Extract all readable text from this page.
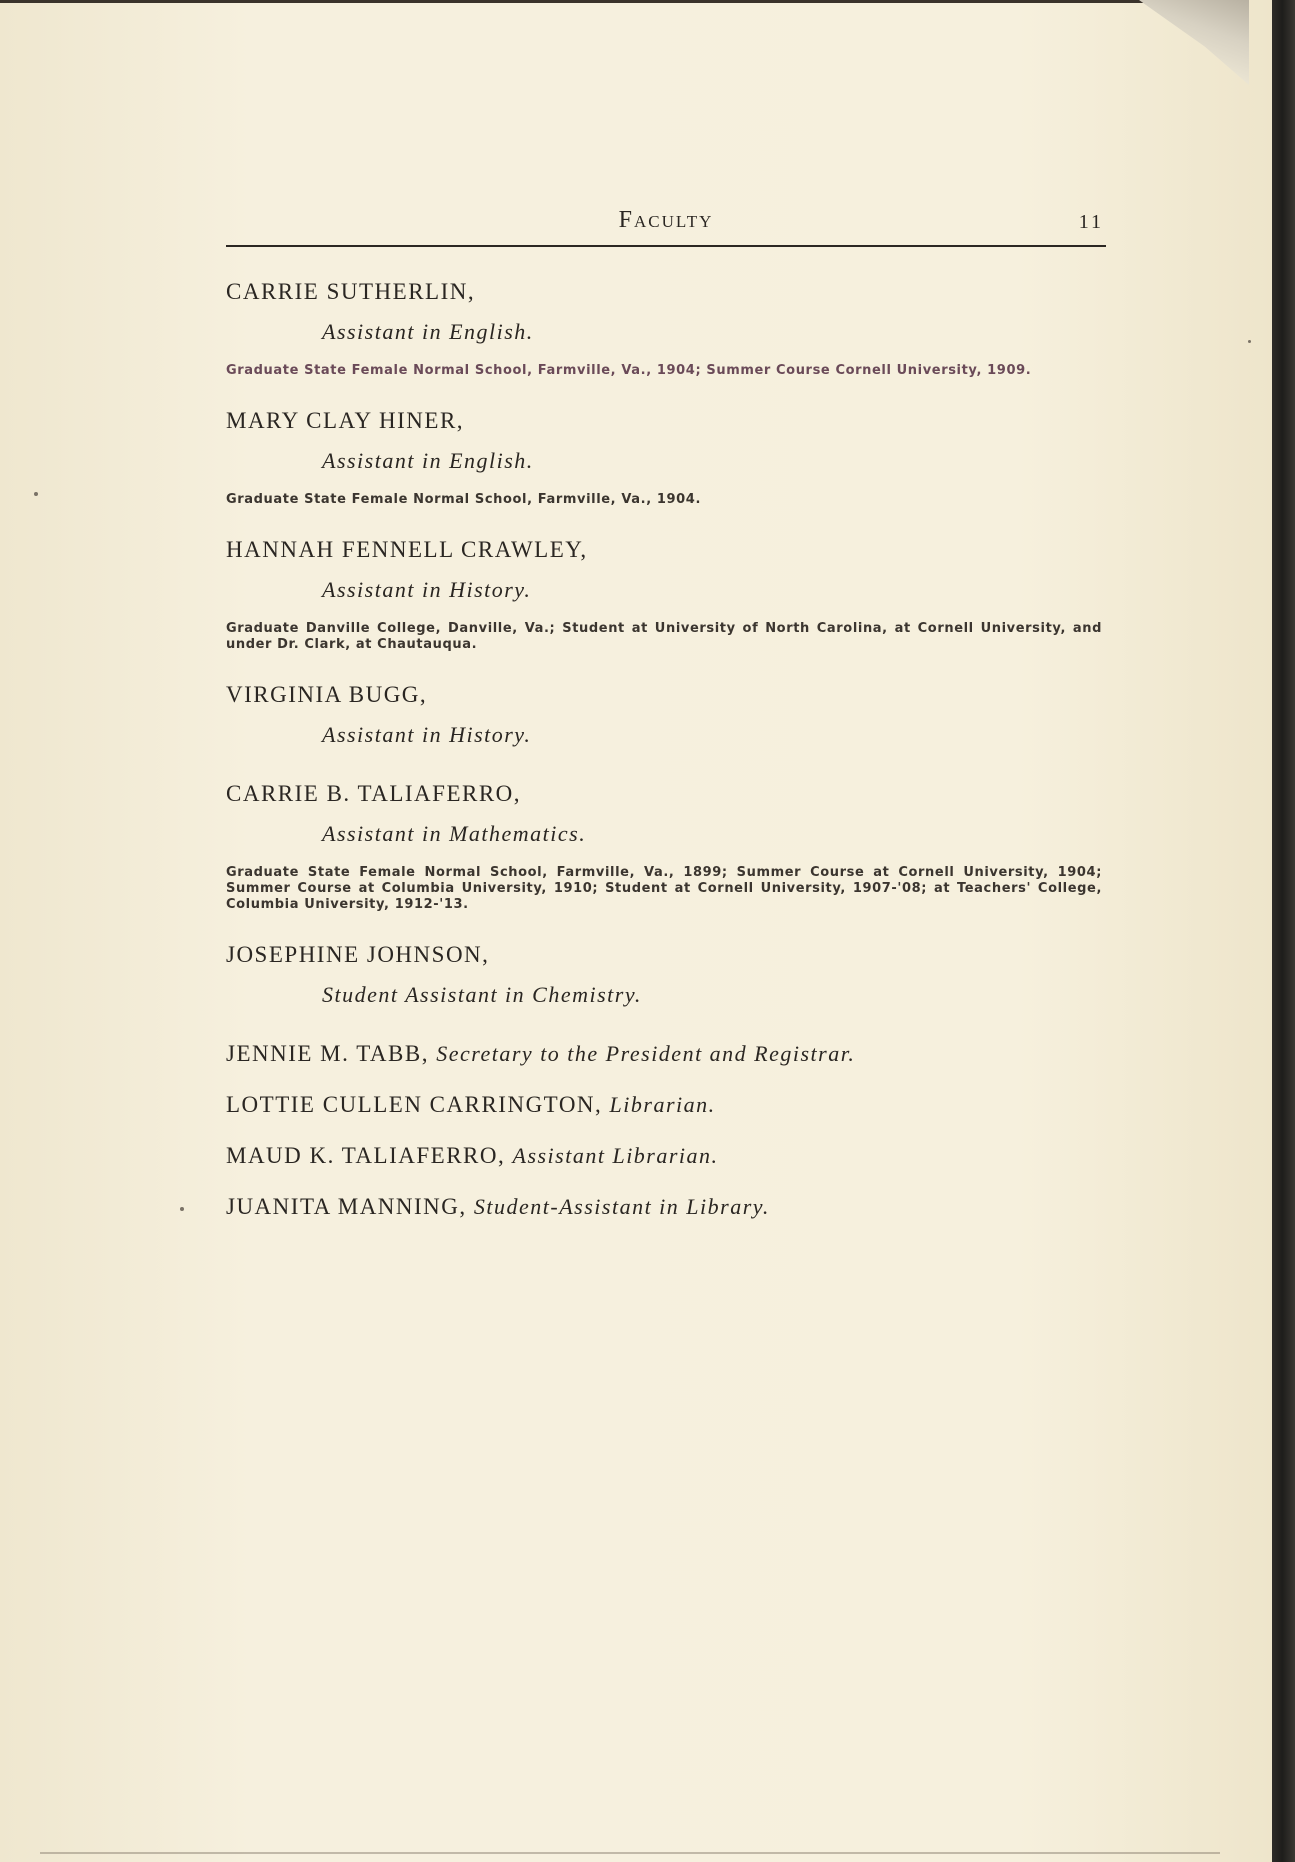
Faculty	11
CARRIE SUTHERLIN,
Assistant in English.
Graduate State Female Normal School, Farmville, Va., 1904; Summer Course Cornell University, 1909.
MARY CLAY HINER,
Assistant in English.
Graduate State Female Normal School, Farmville, Va., 1904.
HANNAH FENNELL CRAWLEY,
Assistant in History.
Graduate Danville College, Danville, Va.; Student at University of North Carolina, at Cornell University, and under Dr. Clark, at Chautauqua.
VIRGINIA BUGG,
Assistant in History.
CARRIE B. TALIAFERRO,
Assistant in Mathematics.
Graduate State Female Normal School, Farmville, Va., 1899; Summer Course at Cornell University, 1904; Summer Course at Columbia University, 1910; Student at Cornell University, 1907-'08; at Teachers' College, Columbia University, 1912-'13.
JOSEPHINE JOHNSON,
Student Assistant in Chemistry.
JENNIE M. TABB, Secretary to the President and Registrar.
LOTTIE CULLEN CARRINGTON, Librarian.
MAUD K. TALIAFERRO, Assistant Librarian.
JUANITA MANNING, Student-Assistant in Library.
